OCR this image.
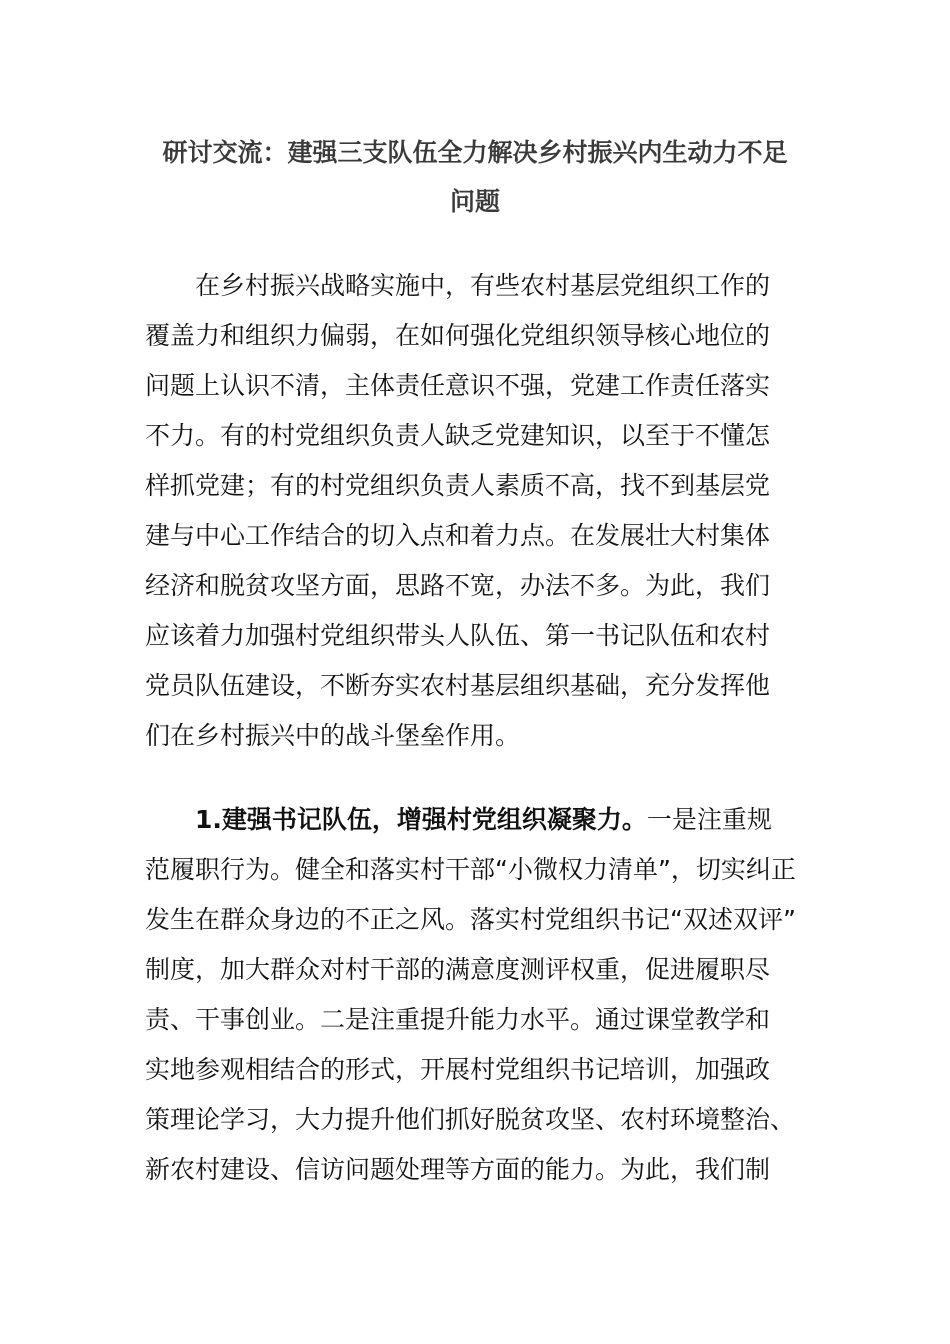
研讨交流：建强三支队伍全力解决乡村振兴内生动力不足
问题
在乡村振兴战略实施中，有些农村基层党组织工作的
覆盖力和组织力偏弱，在如何强化党组织领导核心地位的
问题上认识不清，主体责任意识不强，党建工作责任落实
不力。有的村党组织负责人缺乏党建知识，以至于不懂怎
样抓党建；有的村党组织负责人素质不高，找不到基层党
建与中心工作结合的切入点和着力点。在发展壮大村集体
经济和脱贫攻坚方面，思路不宽，办法不多。为此，我们
应该着力加强村党组织带头人队伍、第一书记队伍和农村
党员队伍建设，不断夯实农村基层组织基础，充分发挥他
们在乡村振兴中的战斗堡垒作用。
1.建强书记队伍，增强村党组织凝聚力。一是注重规
范履职行为。健全和落实村干部“小微权力清单”，切实纠正
发生在群众身边的不正之风。落实村党组织书记“双述双评”
制度，加大群众对村干部的满意度测评权重，促进履职尽
责、干事创业。二是注重提升能力水平。通过课堂教学和
实地参观相结合的形式，开展村党组织书记培训，加强政
策理论学习，大力提升他们抓好脱贫攻坚、农村环境整治、
新农村建设、信访问题处理等方面的能力。为此，我们制
